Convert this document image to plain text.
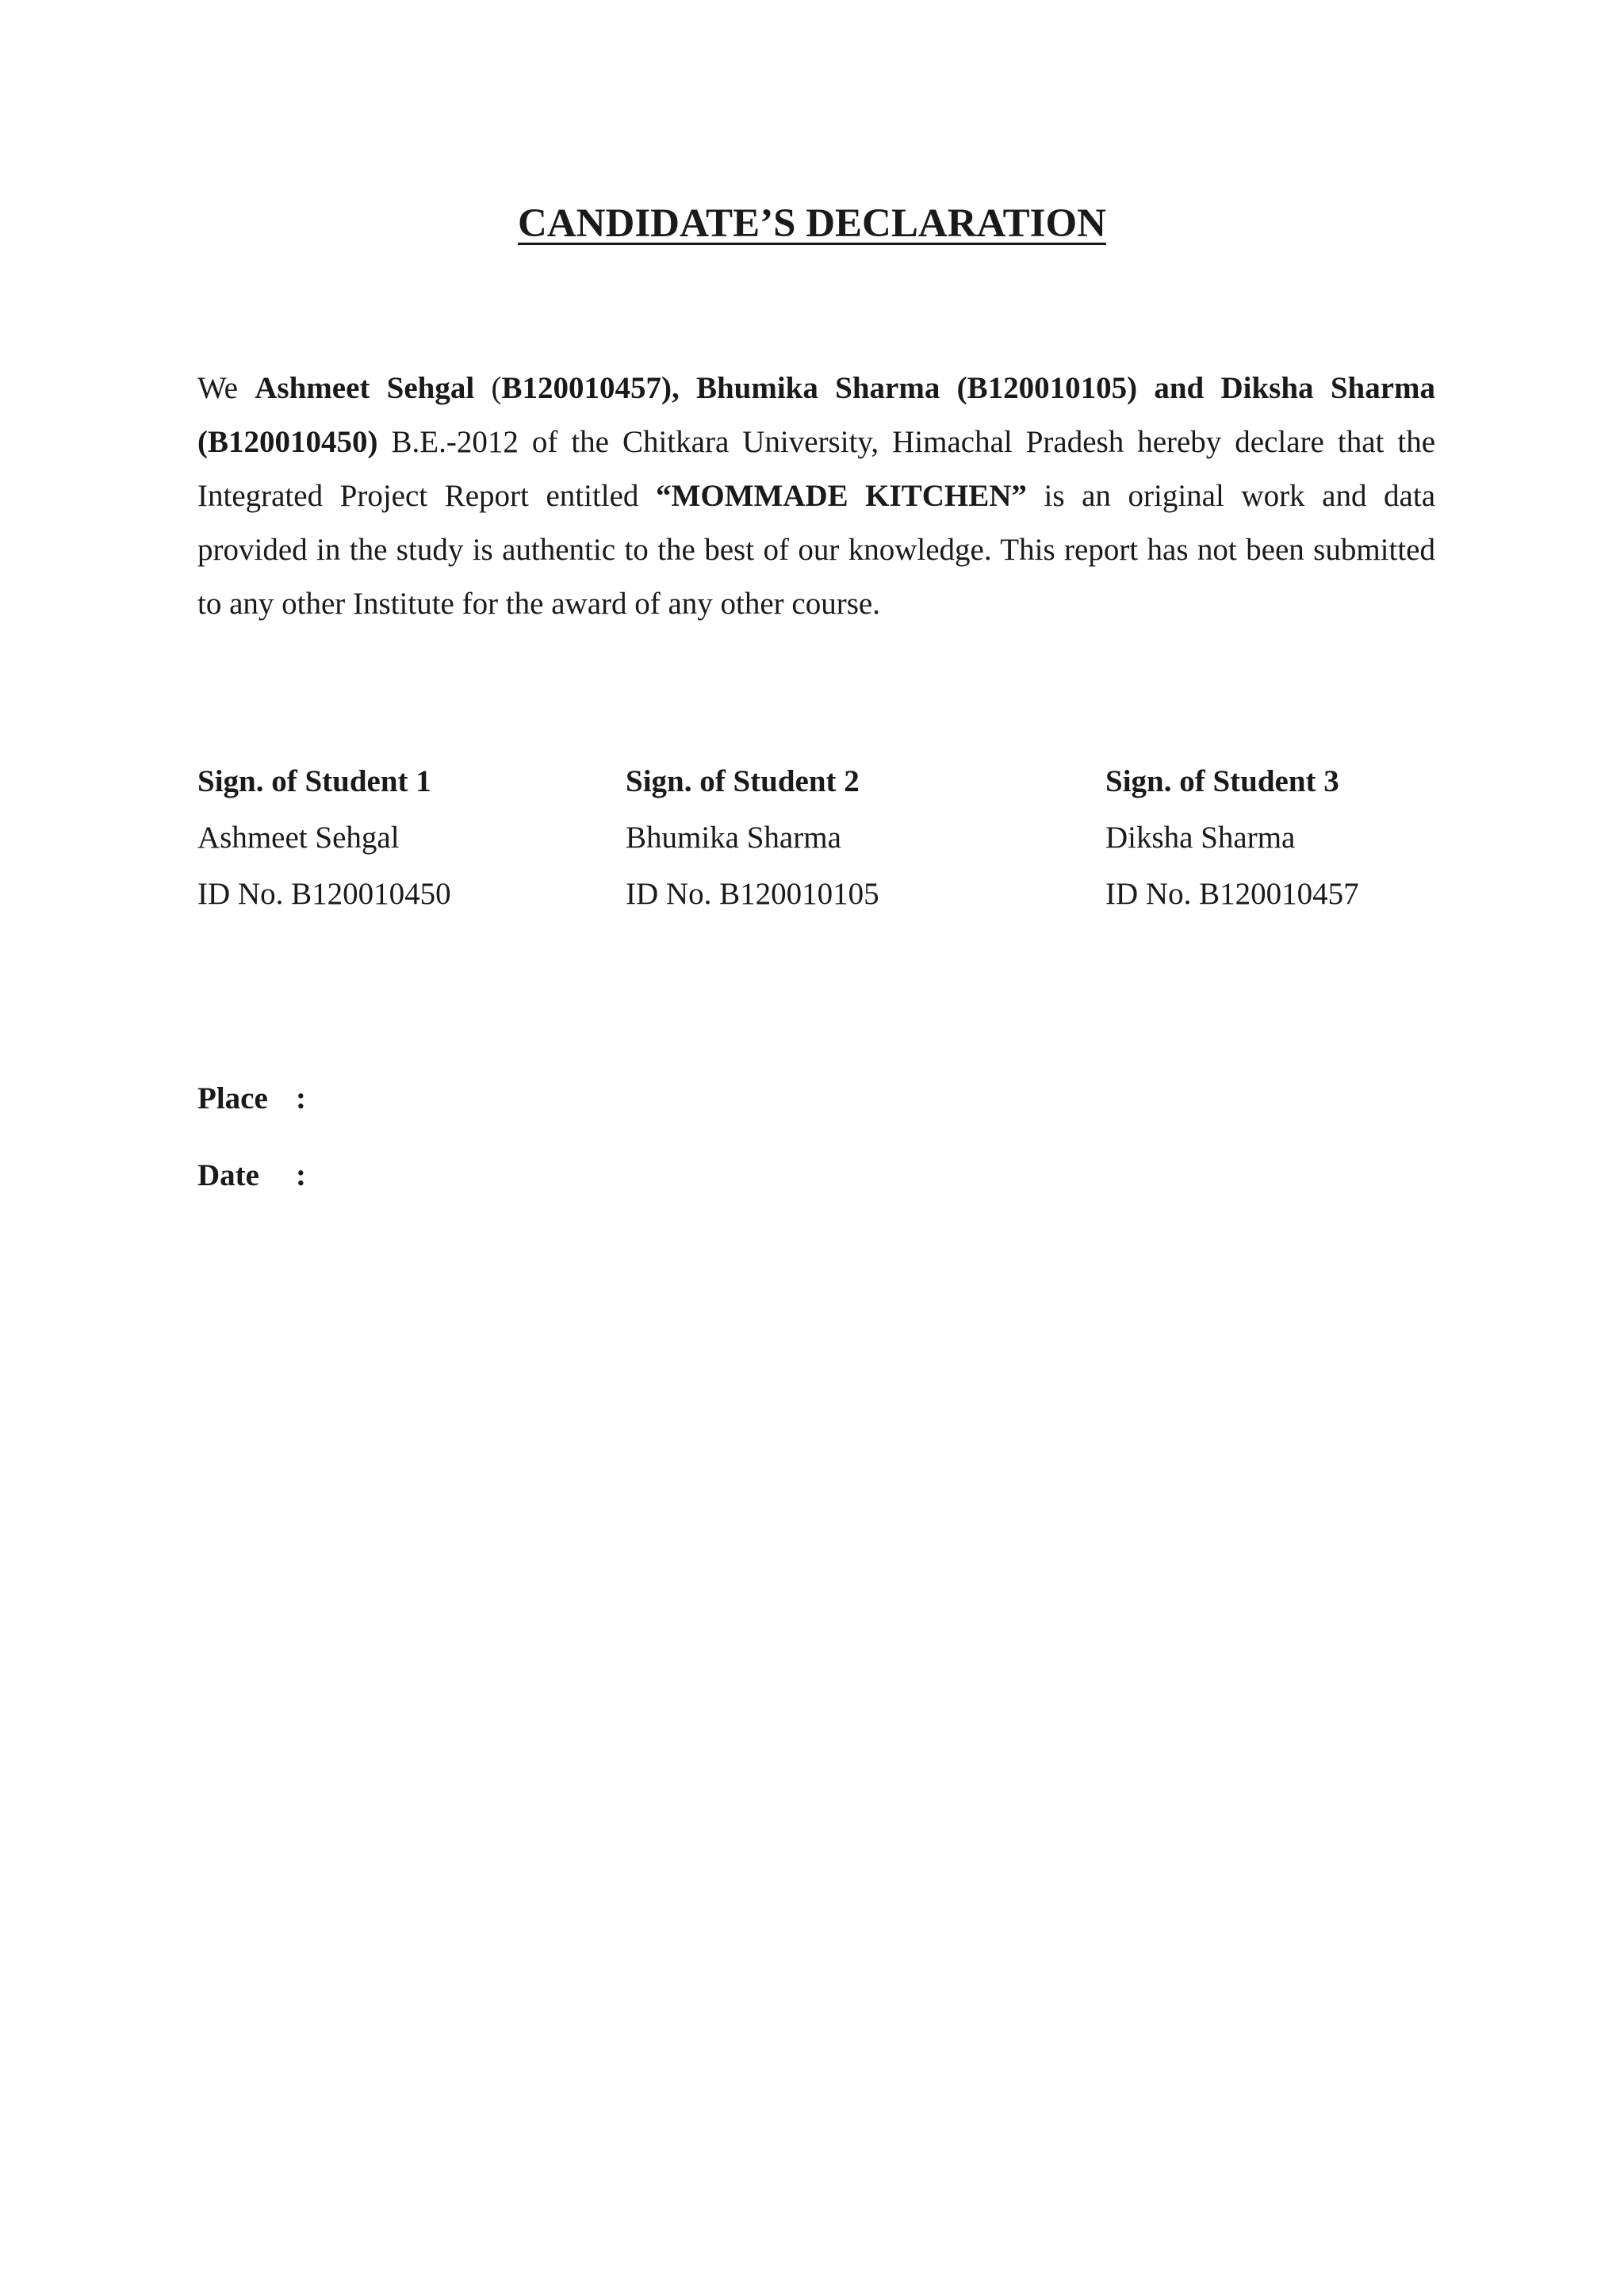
CANDIDATE’S DECLARATION

We Ashmeet Sehgal (B120010457), Bhumika Sharma (B120010105) and Diksha Sharma (B120010450) B.E.-2012 of the Chitkara University, Himachal Pradesh hereby declare that the Integrated Project Report entitled “MOMMADE KITCHEN” is an original work and data provided in the study is authentic to the best of our knowledge. This report has not been submitted to any other Institute for the award of any other course.

Sign. of Student 1
Ashmeet Sehgal
ID No. B120010450
Sign. of Student 2
Bhumika Sharma
ID No. B120010105
Sign. of Student 3
Diksha Sharma
ID No. B120010457
Place :
Date :
